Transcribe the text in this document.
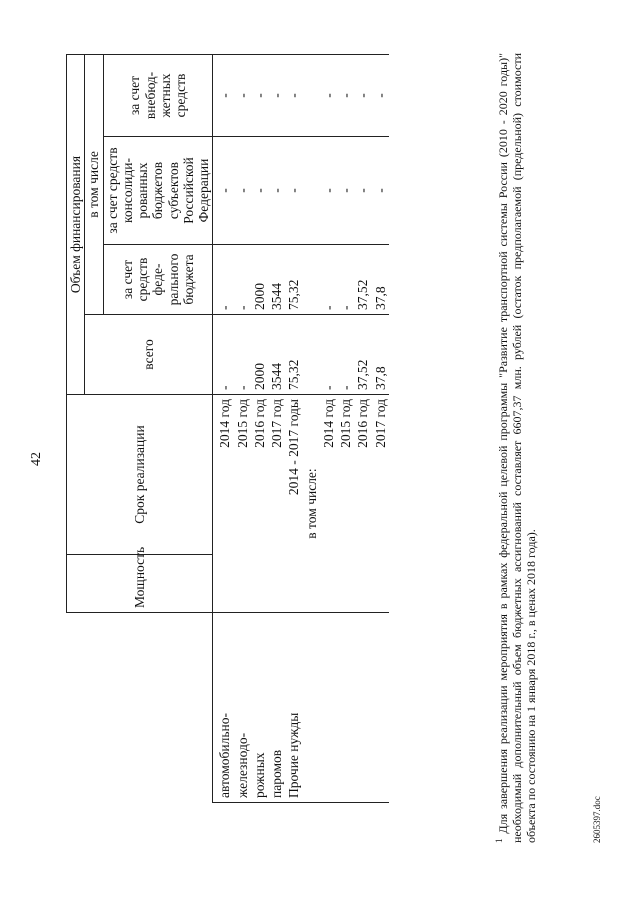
42
	Мощность	Срок реализации	Объем финансирования			
			всего	в том числе		
				за счет средств феде-рального бюджета	за счет средств консолиди-рованных бюджетов субъектов Российской Федерации	за счет внебюд-жетных средств
автомобильно-	2014 год		-	-	-	-
железнодо-	2015 год		-	-	-	-
рожных	2016 год		2000	2000	-	-
паромов	2017 год		3544	3544	-	-
Прочие нужды	2014 - 2017 годы		75,32	75,32	-	-
	в том числе:					
	2014 год		-	-	-	-
	2015 год		-	-	-	-
	2016 год		37,52	37,52	-	-
	2017 год		37,8	37,8	-	-
$^1$ Для завершения реализации мероприятия в рамках федеральной целевой программы "Развитие транспортной системы России (2010 - 2020 годы)" необходимый дополнительный объем бюджетных ассигнований составляет 6607,37 млн. рублей (остаток предполагаемой (предельной) стоимости объекта по состоянию на 1 января 2018 г., в ценах 2018 года).	2605397.doc
